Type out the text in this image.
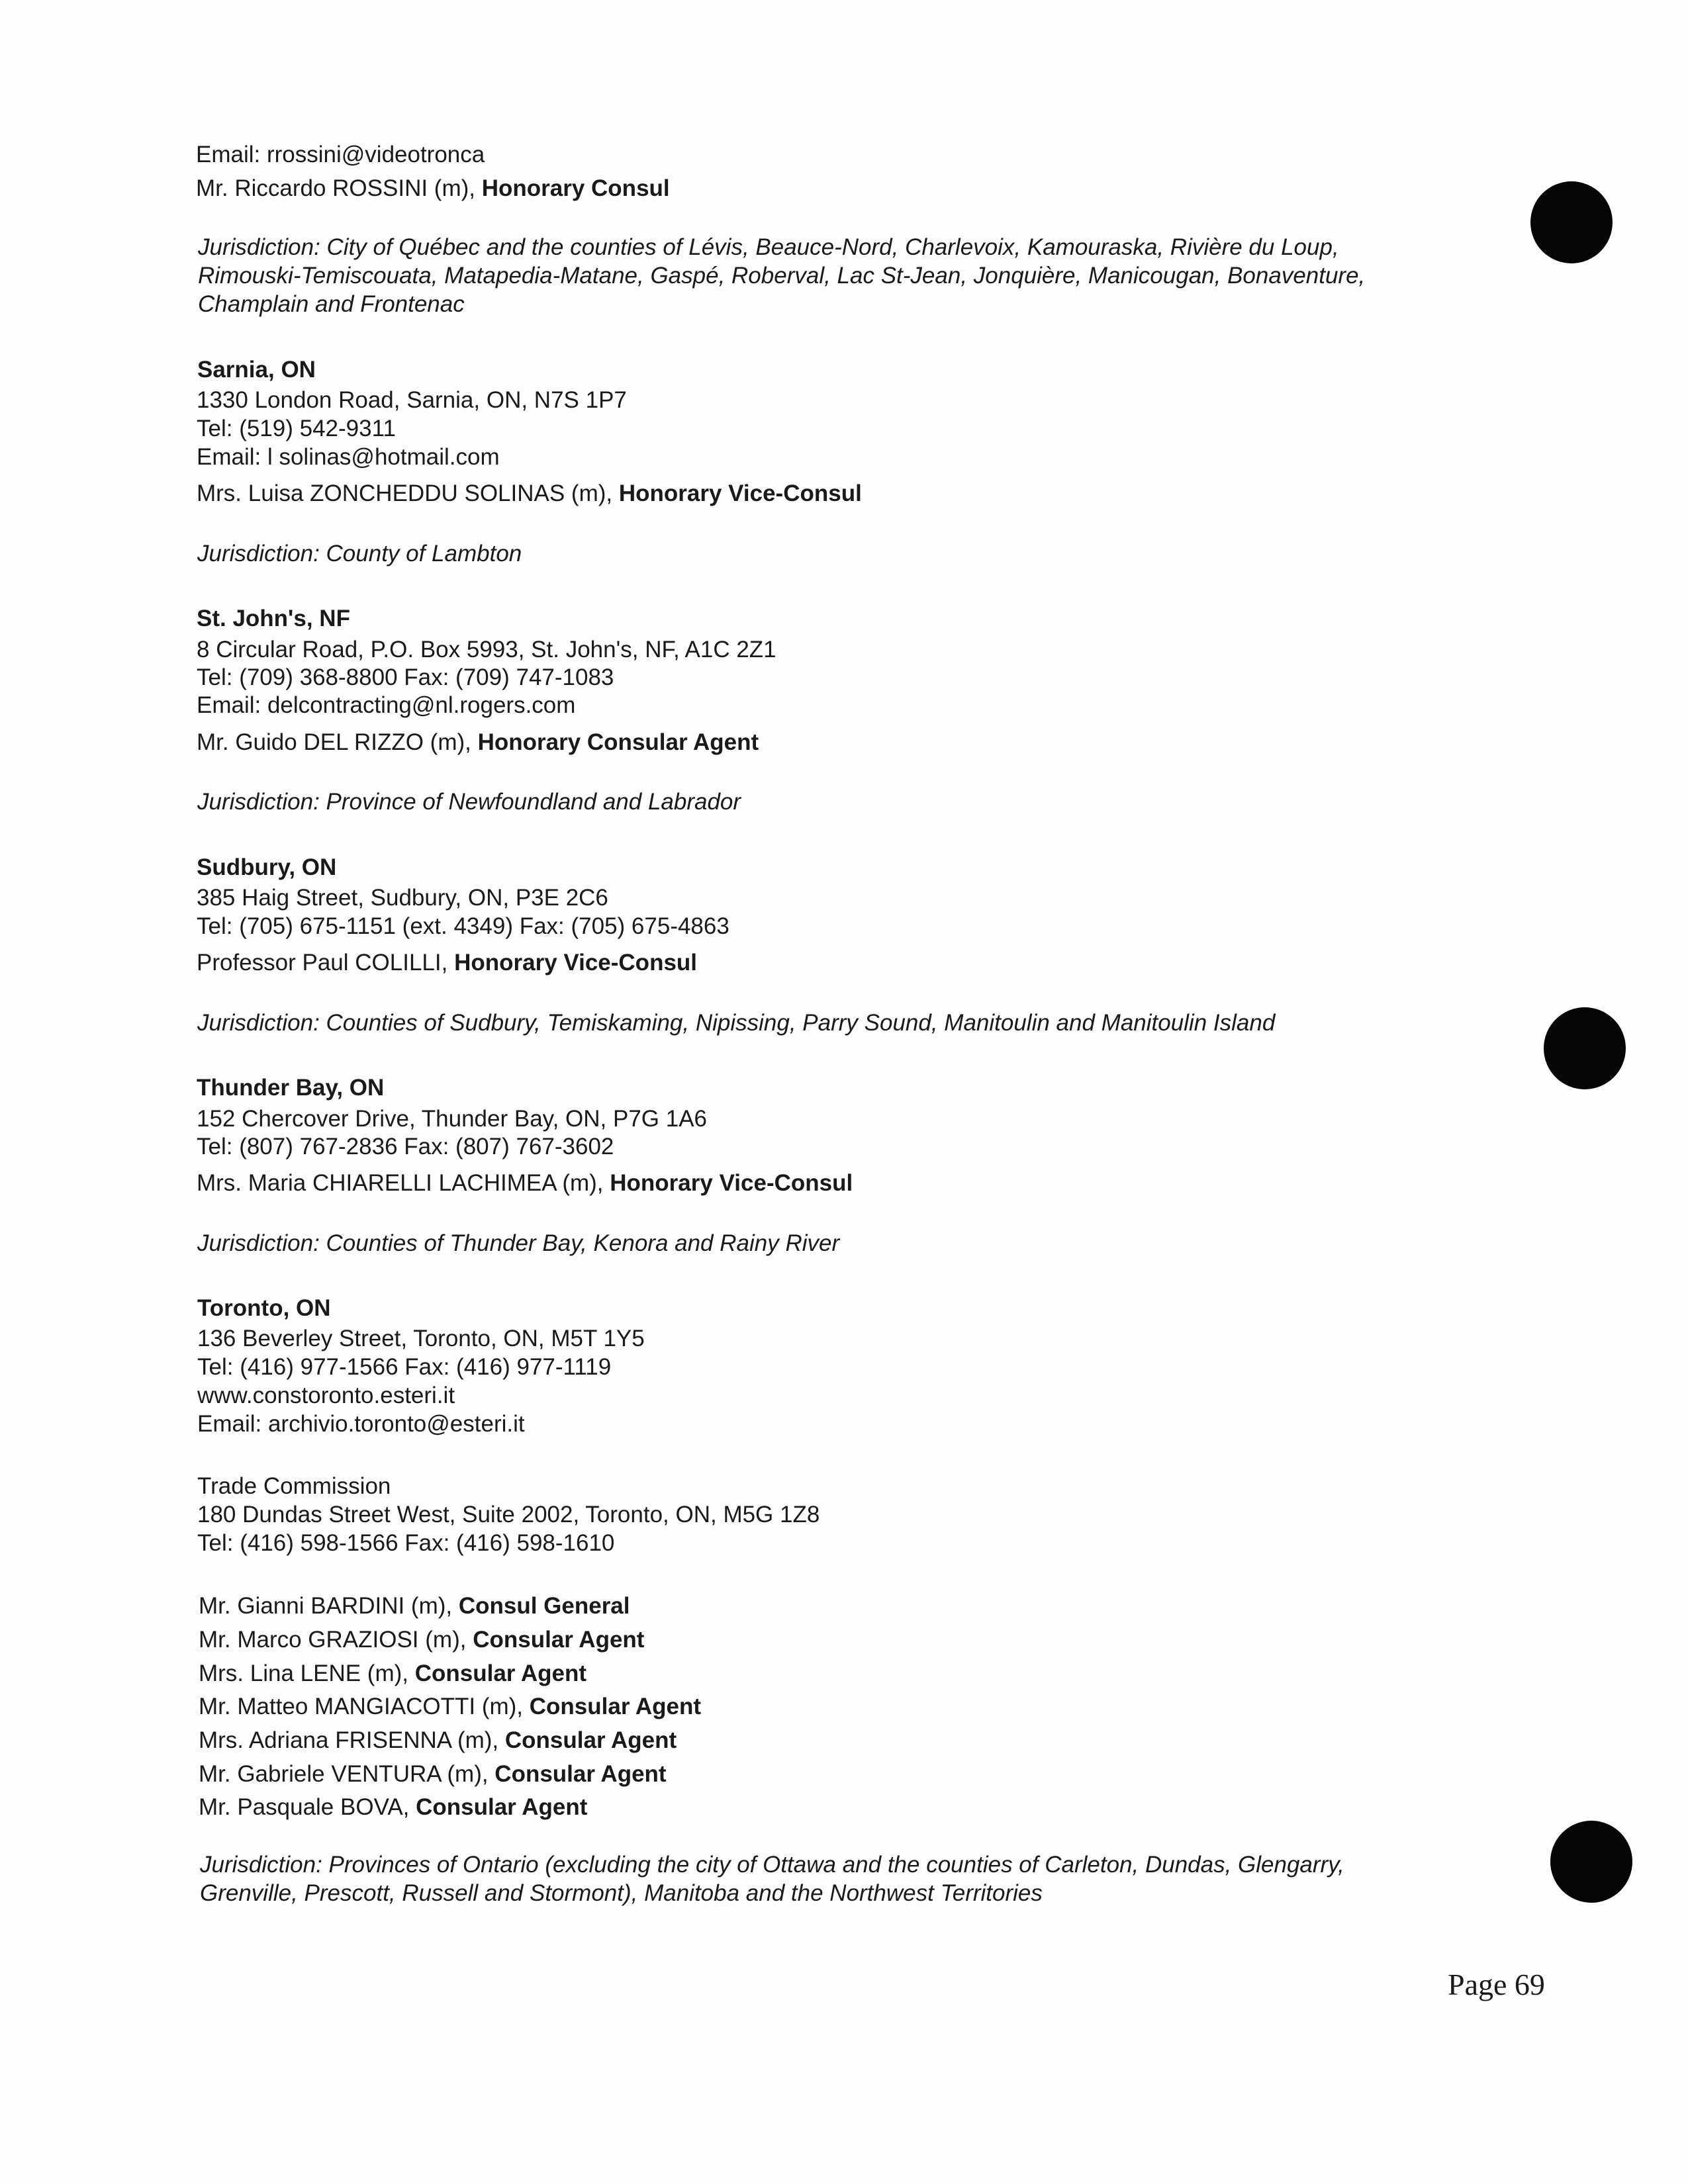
Email: rrossini@videotronca
Mr. Riccardo ROSSINI (m), Honorary Consul
Jurisdiction: City of Québec and the counties of Lévis, Beauce-Nord, Charlevoix, Kamouraska, Rivière du Loup,
Rimouski-Temiscouata, Matapedia-Matane, Gaspé, Roberval, Lac St-Jean, Jonquière, Manicougan, Bonaventure,
Champlain and Frontenac
Sarnia, ON
1330 London Road, Sarnia, ON, N7S 1P7
Tel: (519) 542-9311
Email: l solinas@hotmail.com
Mrs. Luisa ZONCHEDDU SOLINAS (m), Honorary Vice-Consul
Jurisdiction: County of Lambton
St. John's, NF
8 Circular Road, P.O. Box 5993, St. John's, NF, A1C 2Z1
Tel: (709) 368-8800 Fax: (709) 747-1083
Email: delcontracting@nl.rogers.com
Mr. Guido DEL RIZZO (m), Honorary Consular Agent
Jurisdiction: Province of Newfoundland and Labrador
Sudbury, ON
385 Haig Street, Sudbury, ON, P3E 2C6
Tel: (705) 675-1151 (ext. 4349) Fax: (705) 675-4863
Professor Paul COLILLI, Honorary Vice-Consul
Jurisdiction: Counties of Sudbury, Temiskaming, Nipissing, Parry Sound, Manitoulin and Manitoulin Island
Thunder Bay, ON
152 Chercover Drive, Thunder Bay, ON, P7G 1A6
Tel: (807) 767-2836 Fax: (807) 767-3602
Mrs. Maria CHIARELLI LACHIMEA (m), Honorary Vice-Consul
Jurisdiction: Counties of Thunder Bay, Kenora and Rainy River
Toronto, ON
136 Beverley Street, Toronto, ON, M5T 1Y5
Tel: (416) 977-1566 Fax: (416) 977-1119
www.constoronto.esteri.it
Email: archivio.toronto@esteri.it
Trade Commission
180 Dundas Street West, Suite 2002, Toronto, ON, M5G 1Z8
Tel: (416) 598-1566 Fax: (416) 598-1610
Mr. Gianni BARDINI (m), Consul General
Mr. Marco GRAZIOSI (m), Consular Agent
Mrs. Lina LENE (m), Consular Agent
Mr. Matteo MANGIACOTTI (m), Consular Agent
Mrs. Adriana FRISENNA (m), Consular Agent
Mr. Gabriele VENTURA (m), Consular Agent
Mr. Pasquale BOVA, Consular Agent
Jurisdiction: Provinces of Ontario (excluding the city of Ottawa and the counties of Carleton, Dundas, Glengarry,
Grenville, Prescott, Russell and Stormont), Manitoba and the Northwest Territories
Page 69
